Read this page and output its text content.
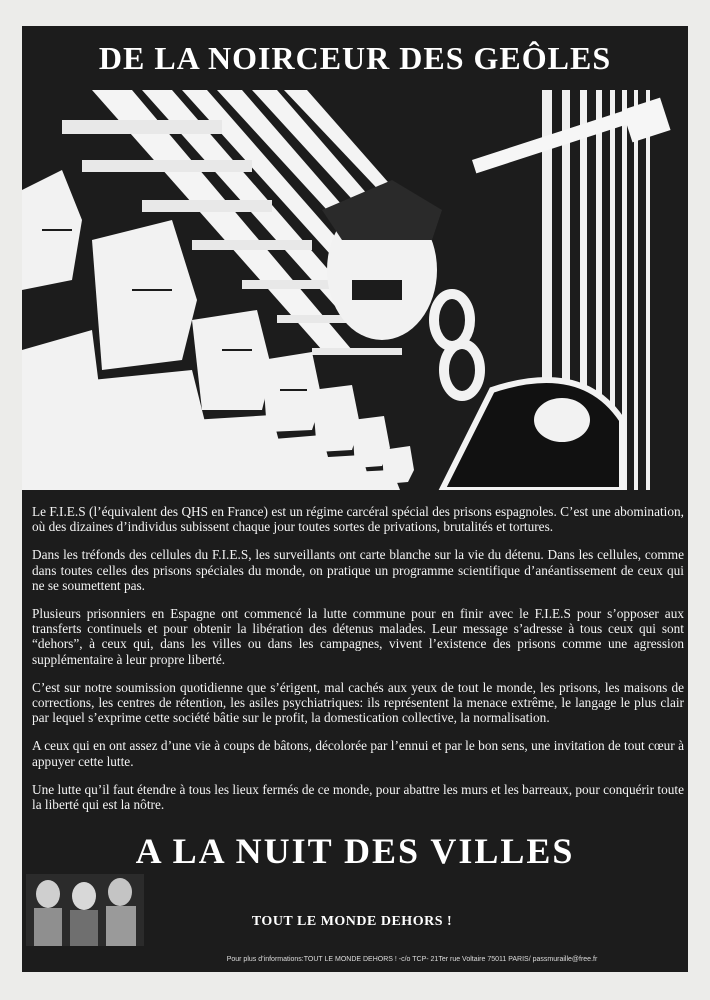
DE LA NOIRCEUR DES GEÔLES

Le F.I.E.S (l’équivalent des QHS en France) est un régime carcéral spécial des prisons espagnoles. C’est une abomination, où des dizaines d’individus subissent chaque jour toutes sortes de privations, brutalités et tortures.

Dans les tréfonds des cellules du F.I.E.S, les surveillants ont carte blanche sur la vie du détenu. Dans les cellules, comme dans toutes celles des prisons spéciales du monde, on pratique un programme scientifique d’anéantissement de ceux qui ne se soumettent pas.

Plusieurs prisonniers en Espagne ont commencé la lutte commune pour en finir avec le F.I.E.S pour s’opposer aux transferts continuels et pour obtenir la libération des détenus malades. Leur message s’adresse à tous ceux qui sont “dehors”, à ceux qui, dans les villes ou dans les campagnes, vivent l’existence des prisons comme une agression supplémentaire à leur propre liberté.

C’est sur notre soumission quotidienne que s’érigent, mal cachés aux yeux de tout le monde, les prisons, les maisons de corrections, les centres de rétention, les asiles psychiatriques: ils représentent la menace extrême, le langage le plus clair par lequel s’exprime cette société bâtie sur le profit, la domestication collective, la normalisation.

A ceux qui en ont assez d’une vie à coups de bâtons, décolorée par l’ennui et par le bon sens, une invitation de tout cœur à appuyer cette lutte.

Une lutte qu’il faut étendre à tous les lieux fermés de ce monde, pour abattre les murs et les barreaux, pour conquérir toute la liberté qui est la nôtre.

A LA NUIT DES VILLES
TOUT LE MONDE DEHORS !
Pour plus d’informations:TOUT LE MONDE DEHORS ! -c/o TCP- 21Ter rue Voltaire 75011 PARIS/ passmuraille@free.fr
